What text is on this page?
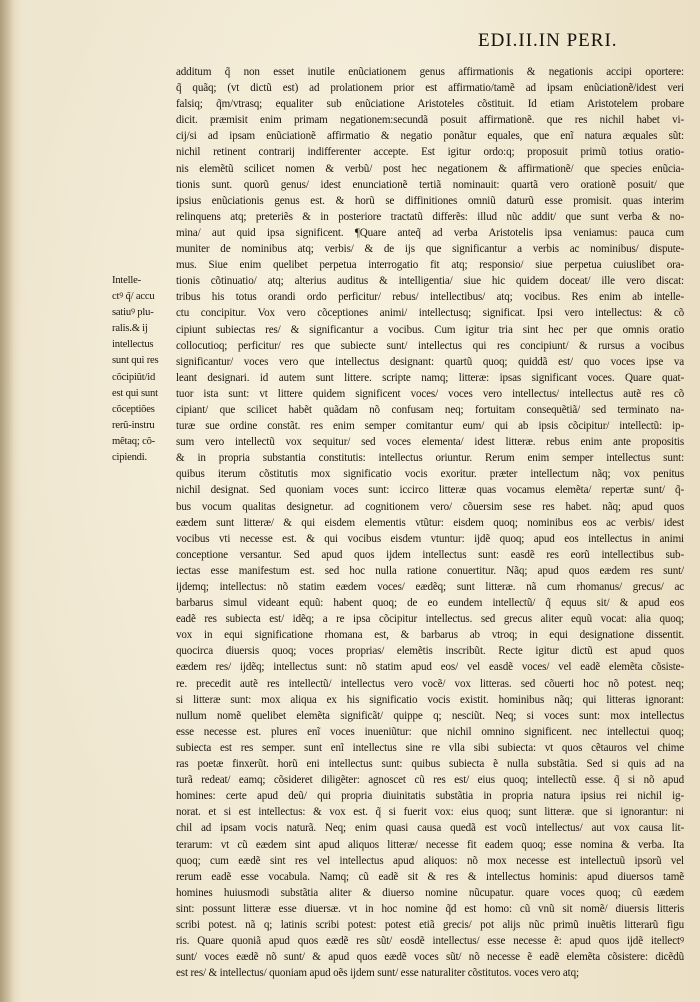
EDI.II.IN PERI.
Intelle-
ctꝰ q̃/ accu
satiuꝰ plu-
ralis.& ij
intellectus
sunt qui res
cõcipiũt/id
est qui sunt
cõceptiões
rerũ-instru
mẽtaq; cõ-
cipiendi.
additum q̃ non esset inutile enũciationem genus affirmationis & negationis accipi oportere:
q̃ quãq; (vt dictũ est) ad prolationem prior est affirmatio/tamẽ ad ipsam enũciationẽ/idest veri
falsiq; q̃m/vtrasq; equaliter sub enũciatione Aristoteles cõstituit. Id etiam Aristotelem probare
dicit. præmisit enim primam negationem:secundã posuit affirmationẽ. que res nichil habet vi-
cij/si ad ipsam enũciationẽ affirmatio & negatio ponãtur equales, que enĩ natura æquales sũt:
nichil retinent contrarij indifferenter accepte. Est igitur ordo:q; proposuit primũ totius oratio-
nis elemẽtũ scilicet nomen & verbũ/ post hec negationem & affirmationẽ/ que species enũcia-
tionis sunt. quorũ genus/ idest enunciationẽ tertiã nominauit: quartã vero orationẽ posuit/ que
ipsius enũciationis genus est. & horũ se diffinitiones omniũ daturũ esse promisit. quas interim
relinquens atq; preteriẽs & in posteriore tractatũ differẽs: illud nũc addit/ que sunt verba & no-
mina/ aut quid ipsa significent. ¶Quare anteq̃ ad verba Aristotelis ipsa veniamus: pauca cum
muniter de nominibus atq; verbis/ & de ijs que significantur a verbis ac nominibus/ dispute-
mus. Siue enim quelibet perpetua interrogatio fit atq; responsio/ siue perpetua cuiuslibet ora-
tionis cõtinuatio/ atq; alterius auditus & intelligentia/ siue hic quidem doceat/ ille vero discat:
tribus his totus orandi ordo perficitur/ rebus/ intellectibus/ atq; vocibus. Res enim ab intelle-
ctu concipitur. Vox vero cõceptiones animi/ intellectusq; significat. Ipsi vero intellectus: & cõ
cipiunt subiectas res/ & significantur a vocibus. Cum igitur tria sint hec per que omnis oratio
collocutioq; perficitur/ res que subiecte sunt/ intellectus qui res concipiunt/ & rursus a vocibus
significantur/ voces vero que intellectus designant: quartũ quoq; quiddã est/ quo voces ipse va
leant designari. id autem sunt littere. scripte namq; litteræ: ipsas significant voces. Quare quat-
tuor ista sunt: vt littere quidem significent voces/ voces vero intellectus/ intellectus autẽ res cõ
cipiant/ que scilicet habẽt quãdam nõ confusam neq; fortuitam consequẽtiã/ sed terminato na-
turæ sue ordine constãt. res enim semper comitantur eum/ qui ab ipsis cõcipitur/ intellectũ: ip-
sum vero intellectũ vox sequitur/ sed voces elementa/ idest litteræ. rebus enim ante propositis
& in propria substantia constitutis: intellectus oriuntur. Rerum enim semper intellectus sunt:
quibus iterum cõstitutis mox significatio vocis exoritur. præter intellectum nãq; vox penitus
nichil designat. Sed quoniam voces sunt: iccirco litteræ quas vocamus elemẽta/ repertæ sunt/ q̃-
bus vocum qualitas designetur. ad cognitionem vero/ cõuersim sese res habet. nãq; apud quos
eædem sunt litteræ/ & qui eisdem elementis vtũtur: eisdem quoq; nominibus eos ac verbis/ idest
vocibus vti necesse est. & qui vocibus eisdem vtuntur: ijdẽ quoq; apud eos intellectus in animi
conceptione versantur. Sed apud quos ijdem intellectus sunt: easdẽ res eorũ intellectibus sub-
iectas esse manifestum est. sed hoc nulla ratione conuertitur. Nãq; apud quos eædem res sunt/
ijdemq; intellectus: nõ statim eædem voces/ eædẽq; sunt litteræ. nã cum rhomanus/ grecus/ ac
barbarus simul videant equũ: habent quoq; de eo eundem intellectũ/ q̃ equus sit/ & apud eos
eadẽ res subiecta est/ idẽq; a re ipsa cõcipitur intellectus. sed grecus aliter equũ vocat: alia quoq;
vox in equi significatione rhomana est, & barbarus ab vtroq; in equi designatione dissentit.
quocirca diuersis quoq; voces proprias/ elemẽtis inscribũt. Recte igitur dictũ est apud quos
eædem res/ ijdẽq; intellectus sunt: nõ statim apud eos/ vel easdẽ voces/ vel eadẽ elemẽta cõsiste-
re. precedit autẽ res intellectũ/ intellectus vero vocẽ/ vox litteras. sed cõuerti hoc nõ potest. neq;
si litteræ sunt: mox aliqua ex his significatio vocis existit. hominibus nãq; qui litteras ignorant:
nullum nomẽ quelibet elemẽta significãt/ quippe q; nesciũt. Neq; si voces sunt: mox intellectus
esse necesse est. plures enĩ voces inueniũtur: que nichil omnino significent. nec intellectui quoq;
subiecta est res semper. sunt enĩ intellectus sine re vlla sibi subiecta: vt quos cẽtauros vel chime
ras poetæ finxerũt. horũ eni intellectus sunt: quibus subiecta ẽ nulla substãtia. Sed si quis ad na
turã redeat/ eamq; cõsideret diligẽter: agnoscet cũ res est/ eius quoq; intellectũ esse. q̃ si nõ apud
homines: certe apud deũ/ qui propria diuinitatis substãtia in propria natura ipsius rei nichil ig-
norat. et si est intellectus: & vox est. q̃ si fuerit vox: eius quoq; sunt litteræ. que si ignorantur: ni
chil ad ipsam vocis naturã. Neq; enim quasi causa quedã est vocũ intellectus/ aut vox causa lit-
terarum: vt cũ eædem sint apud aliquos litteræ/ necesse fit eadem quoq; esse nomina & verba. Ita
quoq; cum eædẽ sint res vel intellectus apud aliquos: nõ mox necesse est intellectuũ ipsorũ vel
rerum eadẽ esse vocabula. Namq; cũ eadẽ sit & res & intellectus hominis: apud diuersos tamẽ
homines huiusmodi substãtia aliter & diuerso nomine nũcupatur. quare voces quoq; cũ eædem
sint: possunt litteræ esse diuersæ. vt in hoc nomine q̃d est homo: cũ vnũ sit nomẽ/ diuersis litteris
scribi potest. nã q; latinis scribi potest: potest etiã grecis/ pot alijs nũc primũ inuẽtis litterarũ figu
ris. Quare quoniã apud quos eædẽ res sũt/ eosdẽ intellectus/ esse necesse ẽ: apud quos ijdẽ itellectꝰ
sunt/ voces eædẽ nõ sunt/ & apud quos eædẽ voces sũt/ nõ necesse ẽ eadẽ elemẽta cõsistere: dicẽdũ
est res/ & intellectus/ quoniam apud oẽs ijdem sunt/ esse naturaliter cõstitutos. voces vero atq;
